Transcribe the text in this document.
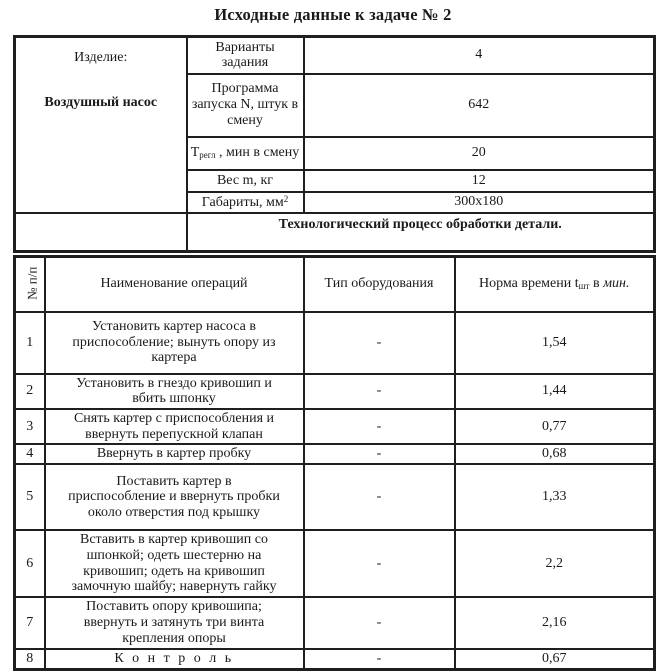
Исходные данные к задаче № 2
Изделие:
Воздушный насос	Варианты задания	4
	Программа запуска N, штук в смену	642
	$Т_{регл}$ , мин в смену	20
	Вес m, кг	12
	Габариты, $мм^2$	300x180
	Технологический процесс обработки детали.	
№ п/п	Наименование операций	Тип оборудования	Норма времени $t_{шт}$ в мин.
1	Установить картер насоса в приспособление; вынуть опору из картера	-	1,54
2	Установить в гнездо кривошип и вбить шпонку	-	1,44
3	Снять картер с приспособления и ввернуть перепускной клапан	-	0,77
4	Ввернуть в картер пробку	-	0,68
5	Поставить картер в приспособление и ввернуть пробки около отверстия под крышку	-	1,33
6	Вставить в картер кривошип со шпонкой; одеть шестерню на кривошип; одеть на кривошип замочную шайбу; навернуть гайку	-	2,2
7	Поставить опору кривошипа; ввернуть и затянуть три винта крепления опоры	-	2,16
8	К о н т р о л ь	-	0,67
